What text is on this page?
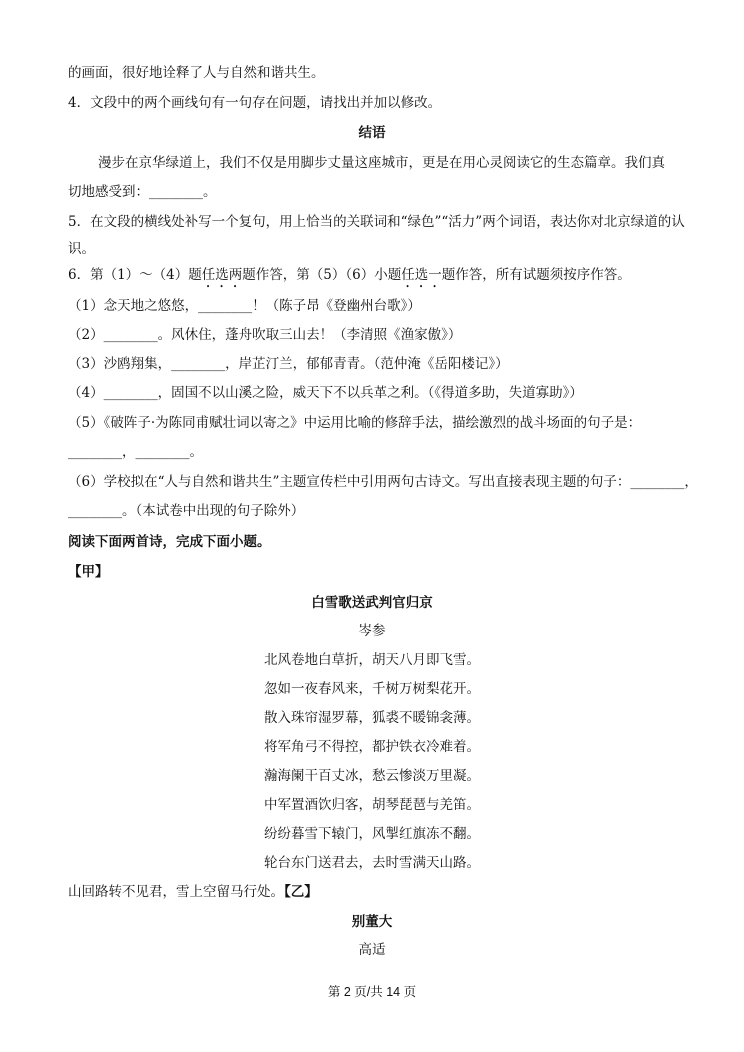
的画面，很好地诠释了人与自然和谐共生。
4．文段中的两个画线句有一句存在问题，请找出并加以修改。
结语
漫步在京华绿道上，我们不仅是用脚步丈量这座城市，更是在用心灵阅读它的生态篇章。我们真
切地感受到：________。
5．在文段的横线处补写一个复句，用上恰当的关联词和“绿色”“活力”两个词语，表达你对北京绿道的认
识。
6．第（1）～（4）题任选两题作答，第（5）（6）小题任选一题作答，所有试题须按序作答。
（1）念天地之悠悠，________！（陈子昂《登幽州台歌》）
（2）________。风休住，蓬舟吹取三山去！（李清照《渔家傲》）
（3）沙鸥翔集，________，岸芷汀兰，郁郁青青。（范仲淹《岳阳楼记》）
（4）________，固国不以山溪之险，威天下不以兵革之利。（《得道多助，失道寡助》）
（5）《破阵子·为陈同甫赋壮词以寄之》中运用比喻的修辞手法，描绘激烈的战斗场面的句子是：
________，________。
（6）学校拟在“人与自然和谐共生”主题宣传栏中引用两句古诗文。写出直接表现主题的句子：________，
________。（本试卷中出现的句子除外）
阅读下面两首诗，完成下面小题。
【甲】
白雪歌送武判官归京
岑参
北风卷地白草折，胡天八月即飞雪。
忽如一夜春风来，千树万树梨花开。
散入珠帘湿罗幕，狐裘不暖锦衾薄。
将军角弓不得控，都护铁衣冷难着。
瀚海阑干百丈冰，愁云惨淡万里凝。
中军置酒饮归客，胡琴琵琶与羌笛。
纷纷暮雪下辕门，风掣红旗冻不翻。
轮台东门送君去，去时雪满天山路。
山回路转不见君，雪上空留马行处。【乙】
别董大
高适
第 2 页/共 14 页
